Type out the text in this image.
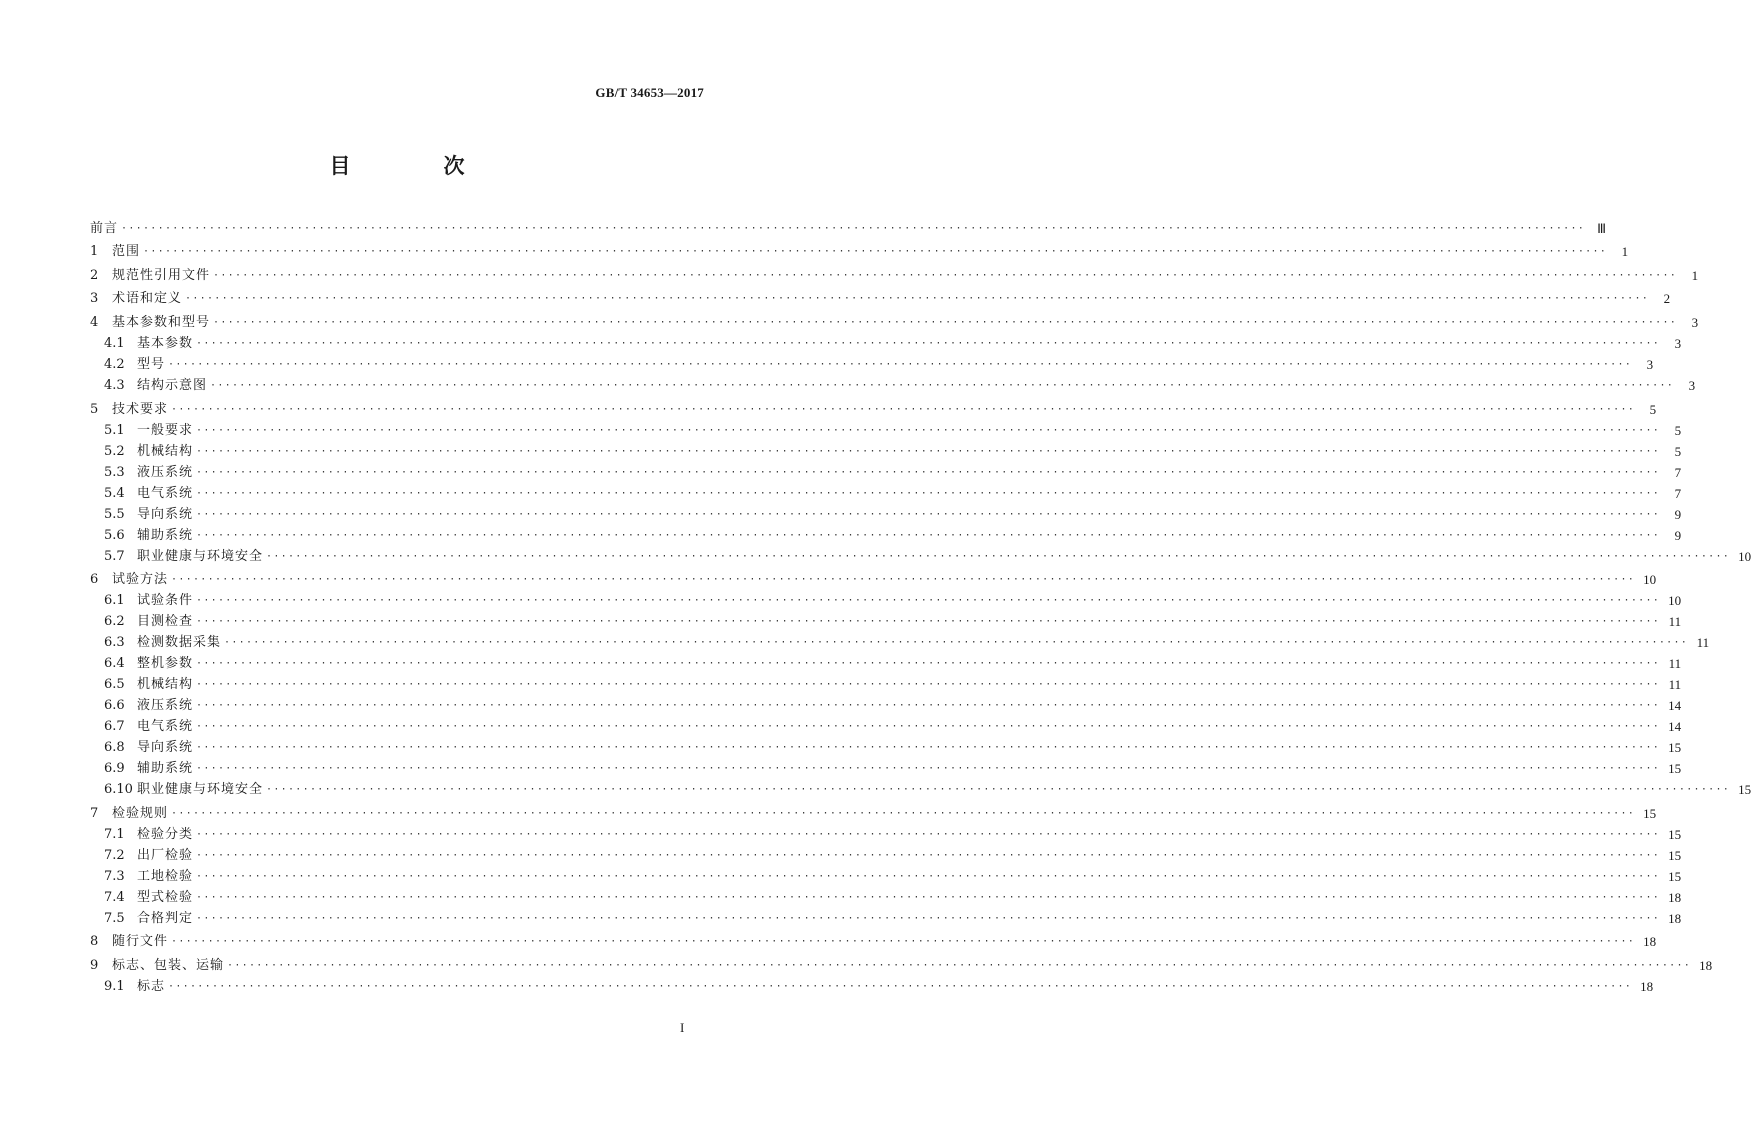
GB/T 34653—2017
目　次
前言 ········································································································································································································ Ⅲ
1	范围 ········································································································································································································	1
2	规范性引用文件 ········································································································································································································	1
3	术语和定义 ········································································································································································································	2
4	基本参数和型号 ········································································································································································································	3
4.1 基本参数 ········································································································································································································	3
4.2 型号 ········································································································································································································	3
4.3 结构示意图 ········································································································································································································	3
5	技术要求 ········································································································································································································	5
5.1 一般要求 ········································································································································································································	5
5.2 机械结构 ········································································································································································································	5
5.3 液压系统 ········································································································································································································	7
5.4 电气系统 ········································································································································································································	7
5.5 导向系统 ········································································································································································································	9
5.6 辅助系统 ········································································································································································································	9
5.7 职业健康与环境安全 ········································································································································································································ 10
6	试验方法 ········································································································································································································ 10
6.1 试验条件 ········································································································································································································ 10
6.2 目测检查 ········································································································································································································ 11
6.3 检测数据采集 ········································································································································································································ 11
6.4 整机参数 ········································································································································································································ 11
6.5 机械结构 ········································································································································································································ 11
6.6 液压系统 ········································································································································································································ 14
6.7 电气系统 ········································································································································································································ 14
6.8 导向系统 ········································································································································································································ 15
6.9 辅助系统 ········································································································································································································ 15
6.10 职业健康与环境安全 ········································································································································································································ 15
7	检验规则 ········································································································································································································ 15
7.1 检验分类 ········································································································································································································ 15
7.2 出厂检验 ········································································································································································································ 15
7.3 工地检验 ········································································································································································································ 15
7.4 型式检验 ········································································································································································································ 18
7.5 合格判定 ········································································································································································································ 18
8	随行文件 ········································································································································································································ 18
9	标志、包装、运输 ········································································································································································································ 18
9.1 标志 ········································································································································································································ 18
I
